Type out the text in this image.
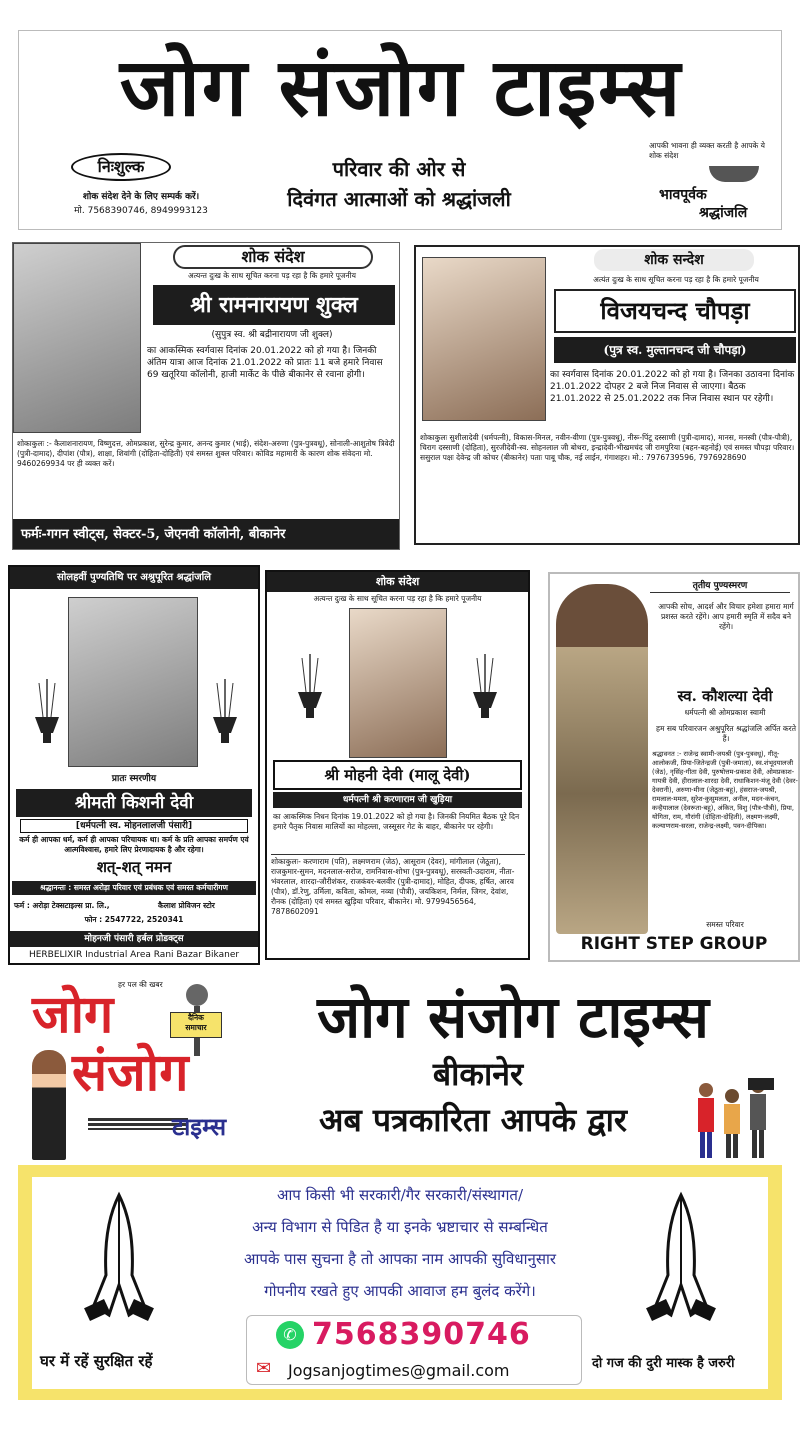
जोग संजोग टाइम्स
निःशुल्क
शोक संदेश देने के लिए सम्पर्क करें।
मो. 7568390746, 8949993123
परिवार की ओर से
दिवंगत आत्माओं को श्रद्धांजली
आपकी भावना ही व्यक्त करती है आपके ये शोक संदेश
भावपूर्वक
श्रद्धांजलि
शोक संदेश
अत्यन्त दुःख के साथ सूचित करना पड़ रहा है कि हमारे पूजनीय
श्री रामनारायण शुक्ल
(सुपुत्र स्व. श्री बद्रीनारायण जी शुक्ल)
का आकस्मिक स्वर्गवास दिनांक 20.01.2022 को हो गया है। जिनकी अंतिम यात्रा आज दिनांक 21.01.2022 को प्रातः 11 बजे हमारे निवास 69 खतूरिया कॉलोनी, हाजी मार्केट के पीछे बीकानेर से रवाना होगी।
शोकाकुलः :- कैलाशनारायण, विष्णुदत्त, ओमप्रकाश, सुरेन्द्र कुमार, अनन्द कुमार (भाई), संदेश-अरुणा (पुत्र-पुत्रवधू), सोनाली-आशुतोष त्रिवेदी (पुत्री-दामाद), दीपांश (पौत्र), शाक्षा, शिवांगी (दोहिता-दोहिती) एवं समस्त शुक्ल परिवार। कोविड महामारी के कारण शोक संवेदना मो. 9460269934 पर ही व्यक्त करें।
फर्मः-गगन स्वीट्स, सेक्टर-5, जेएनवी कॉलोनी, बीकानेर
शोक सन्देश
अत्यंत दुःख के साथ सूचित करना पड़ रहा है कि हमारे पूजनीय
विजयचन्द चौपड़ा
(पुत्र स्व. मुल्तानचन्द जी चौपड़ा)
का स्वर्गवास दिनांक 20.01.2022 को हो गया है। जिनका उठावना दिनांक 21.01.2022 दोपहर 2 बजे निज निवास से जाएगा। बैठक 21.01.2022 से 25.01.2022 तक निज निवास स्थान पर रहेगी।
शोकाकुलः सुशीलादेवी (धर्मपत्नी), विकास-मिनल, नवीन-वीणा (पुत्र-पुत्रवधू), नीरू-पिंटू दस्साणी (पुत्री-दामाद), मानस, मनस्वी (पौत्र-पौत्री), चिराग दस्साणी (दोहिता), सुरजीदेवी-स्व. सोहनलाल जी बोथरा, इन्द्रादेवी-भीखमचंद जी रामपुरिया (बहन-बहनोई) एवं समस्त चौपड़ा परिवार। ससुराल पक्षः देवेन्द्र जी कोचर (बीकानेर) पताः पाबू चौक, नई लाईन, गंगाशहर। मो.: 7976739596, 7976928690
सोलहवीं पुण्यतिथि पर अश्रुपूरित श्रद्धांजलि
प्रातः स्मरणीय
श्रीमती किशनी देवी
[धर्मपत्नी स्व. मोहनलालजी पंसारी]
कर्म ही आपका धर्म, कर्म ही आपका परिचायक था। कर्म के प्रति आपका समर्पण एवं आत्मविश्वास, हमारे लिए प्रेरणादायक है और रहेगा।
शत्-शत् नमन
श्रद्धानन्तः : समस्त अरोड़ा परिवार एवं प्रबंधक एवं समस्त कर्मचारीगण
फर्म : अरोड़ा टेक्सटाइल्स प्रा. लि.,	कैलाश प्रोविजन स्टोर
फोन : 2547722, 2520341
मोहनजी पंसारी हर्बल प्रोडक्ट्स
HERBELIXIR Industrial Area Rani Bazar Bikaner
शोक संदेश
अत्यन्त दुःख के साथ सूचित करना पड़ रहा है कि हमारे पूजनीय
श्री मोहनी देवी (मालू देवी)
धर्मपत्नी श्री करणाराम जी खुड़िया
का आकस्मिक निधन दिनांक 19.01.2022 को हो गया है। जिनकी नियमित बैठक पूरे दिन हमारे पैतृक निवास मालियों का मोहल्ला, जस्सूसर गेट के बाहर, बीकानेर पर रहेगी।
शोकाकुलः- करणाराम (पति), लक्ष्मणराम (जेठ), आसूराम (देवर), मांगीलाल (जेठूता), राजकुमार-सुमन, मदनलाल-सरोज, रामनिवास-शोभा (पुत्र-पुत्रवधू), सरस्वती-उदाराम, नीता-भंवरलाल, शारदा-जौरीशंकर, राजकंवर-बलवीर (पुत्री-दामाद), मोहित, दीपक, हर्षित, आरव (पौत्र), डॉ.रेणु, उर्मिला, कविता, कोमल, नव्या (पौत्री), जयकिशन, निर्मल, जिगर, देवांश, रौनक (दोहिता) एवं समस्त खुड़िया परिवार, बीकानेर। मो. 9799456564, 7878602091
तृतीय पुण्यस्मरण
आपकी सोच, आदर्श और विचार हमेशा हमारा मार्ग प्रशस्त करते रहेंगे। आप हमारी स्मृति में सदैव बने रहेंगे।
स्व. कौशल्या देवी
धर्मपत्नी श्री ओमप्रकाश स्वामी
हम सब परिवारजन अश्रुपूरित श्रद्धांजलि अर्पित करते हैं।
श्रद्धावनत :- राजेन्द्र स्वामी-जयश्री (पुत्र-पुत्रवधू), गीतू-आलोकजी, प्रिया-जितेन्द्रजी (पुत्री-जमाता), स्व.शंभूदयालजी (जेठ), नृसिंह-गीता देवी, पुरुषोत्तम-प्रकाश देवी, ओमप्रकाश-गायत्री देवी, हीरालाल-शारदा देवी, राधाकिशन-मंजू देवी (देवर-देवरानी), अरुणा-मीना (जेठूता-बहू), हंसराज-जयश्री, रामलाल-ममता, सुरेश-कुसुमलता, अनील, मदन-कंचन, कन्हैयालाल (देवरूता-बहू), अंकित, विशु (पौत्र-पौत्री), प्रिया, योगिता, राम, गौरांगी (दोहिता-दोहिती), लक्ष्मण-लक्ष्मी, कल्याणराम-सरला, राजेन्द्र-लक्ष्मी, पवन-दीपिका।
समस्त परिवार
RIGHT STEP GROUP
हर पल की खबर
जोग	दैनिक
समाचार
संजोग
टाइम्स
जोग संजोग टाइम्स
बीकानेर
अब पत्रकारिता आपके द्वार
आप किसी भी सरकारी/गैर सरकारी/संस्थागत/
अन्य विभाग से पिडित है या इनके भ्रष्टाचार से सम्बन्धित
आपके पास सुचना है तो आपका नाम आपकी सुविधानुसार
गोपनीय रखते हुए आपकी आवाज हम बुलंद करेंगे।
✆ 7568390746
✉ Jogsanjogtimes@gmail.com
घर में रहें सुरक्षित रहें	दो गज की दुरी मास्क है जरुरी
